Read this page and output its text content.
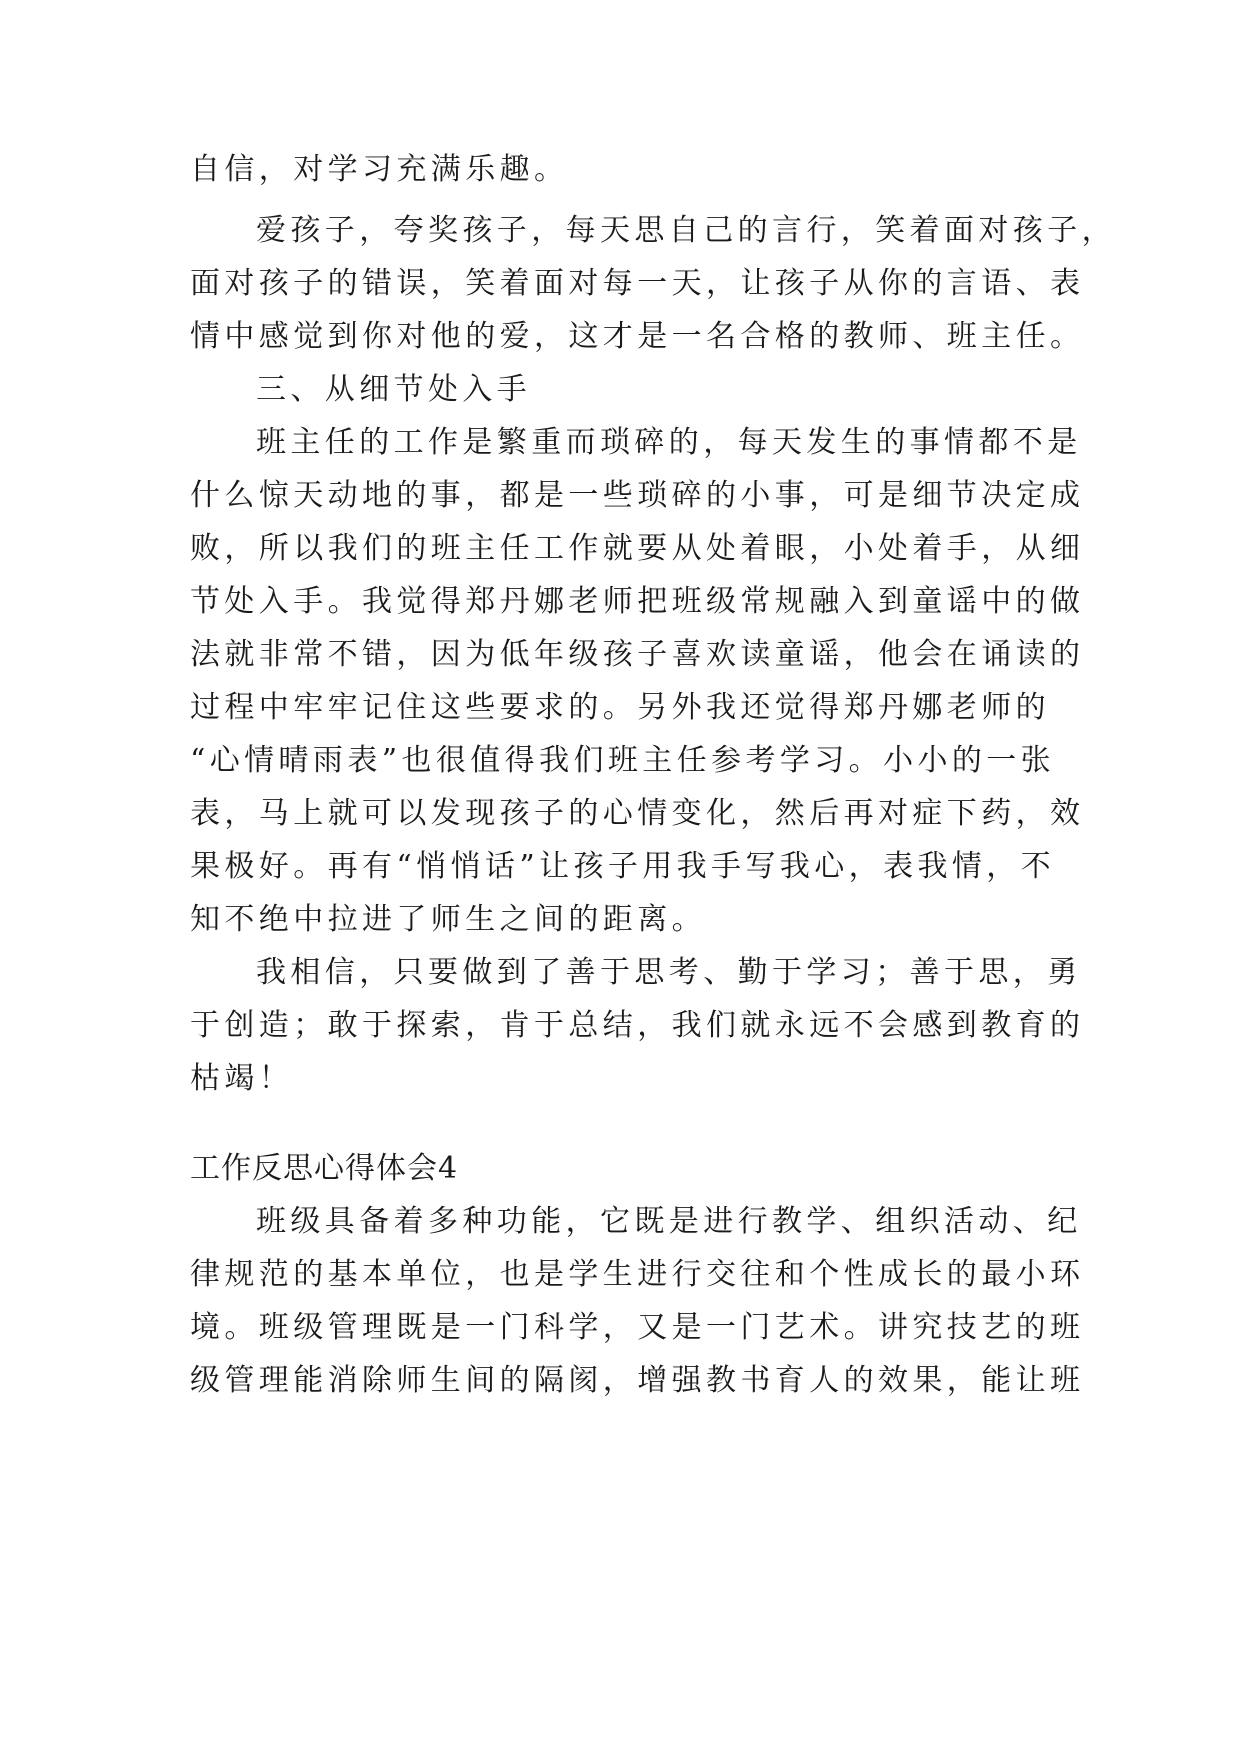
自信，对学习充满乐趣。
爱孩子，夸奖孩子，每天思自己的言行，笑着面对孩子，
面对孩子的错误，笑着面对每一天，让孩子从你的言语、表
情中感觉到你对他的爱，这才是一名合格的教师、班主任。
三、从细节处入手
班主任的工作是繁重而琐碎的，每天发生的事情都不是
什么惊天动地的事，都是一些琐碎的小事，可是细节决定成
败，所以我们的班主任工作就要从处着眼，小处着手，从细
节处入手。我觉得郑丹娜老师把班级常规融入到童谣中的做
法就非常不错，因为低年级孩子喜欢读童谣，他会在诵读的
过程中牢牢记住这些要求的。另外我还觉得郑丹娜老师的
“心情晴雨表”也很值得我们班主任参考学习。小小的一张
表，马上就可以发现孩子的心情变化，然后再对症下药，效
果极好。再有“悄悄话”让孩子用我手写我心，表我情，不
知不绝中拉进了师生之间的距离。
我相信，只要做到了善于思考、勤于学习；善于思，勇
于创造；敢于探索，肯于总结，我们就永远不会感到教育的
枯竭！
工作反思心得体会4
班级具备着多种功能，它既是进行教学、组织活动、纪
律规范的基本单位，也是学生进行交往和个性成长的最小环
境。班级管理既是一门科学，又是一门艺术。讲究技艺的班
级管理能消除师生间的隔阂，增强教书育人的效果，能让班
